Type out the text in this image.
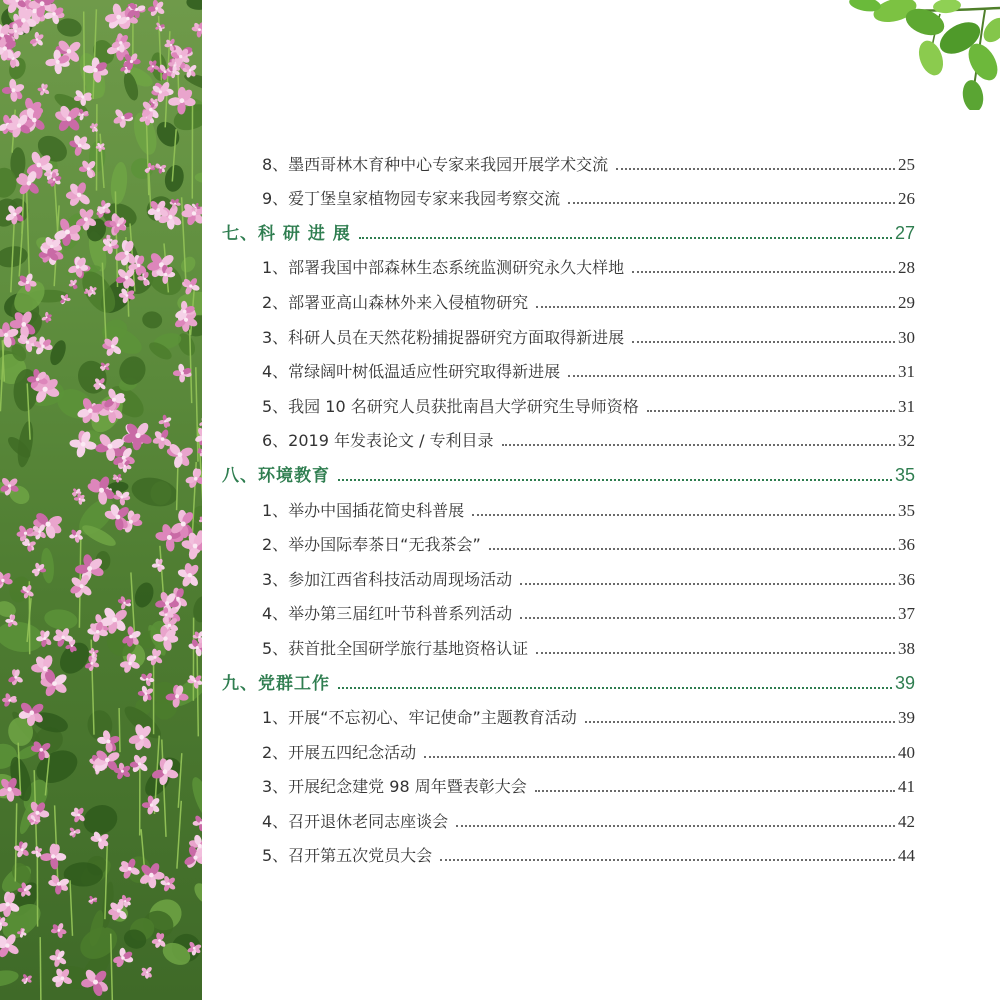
8、墨西哥林木育种中心专家来我园开展学术交流	25
9、爱丁堡皇家植物园专家来我园考察交流	26
七、科 研 进 展	27
1、部署我国中部森林生态系统监测研究永久大样地	28
2、部署亚高山森林外来入侵植物研究	29
3、科研人员在天然花粉捕捉器研究方面取得新进展	30
4、常绿阔叶树低温适应性研究取得新进展	31
5、我园 10 名研究人员获批南昌大学研究生导师资格	31
6、2019 年发表论文 / 专利目录	32
八、环境教育	35
1、举办中国插花简史科普展	35
2、举办国际奉茶日“无我茶会”	36
3、参加江西省科技活动周现场活动	36
4、举办第三届红叶节科普系列活动	37
5、获首批全国研学旅行基地资格认证	38
九、党群工作	39
1、开展“不忘初心、牢记使命”主题教育活动	39
2、开展五四纪念活动	40
3、开展纪念建党 98 周年暨表彰大会	41
4、召开退休老同志座谈会	42
5、召开第五次党员大会	44
